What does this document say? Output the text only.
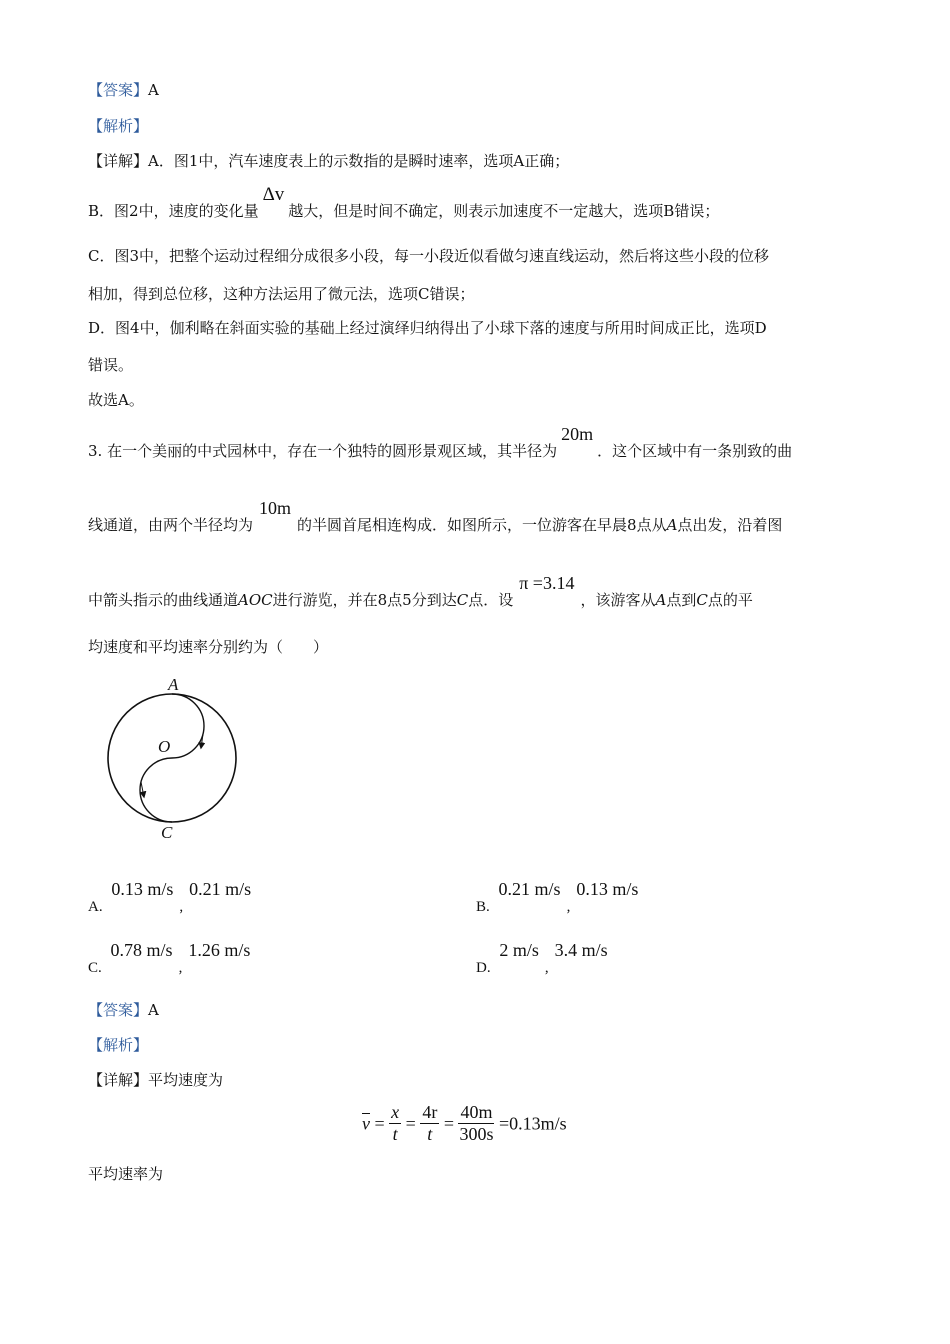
【答案】A
【解析】
【详解】A．图1中，汽车速度表上的示数指的是瞬时速率，选项A正确；
B．图2中，速度的变化量Δv越大，但是时间不确定，则表示加速度不一定越大，选项B错误；
C．图3中，把整个运动过程细分成很多小段，每一小段近似看做匀速直线运动，然后将这些小段的位移
相加，得到总位移，这种方法运用了微元法，选项C错误；
D．图4中，伽利略在斜面实验的基础上经过演绎归纳得出了小球下落的速度与所用时间成正比，选项D
错误。
故选A。
3. 在一个美丽的中式园林中，存在一个独特的圆形景观区域，其半径为20m．这个区域中有一条别致的曲
线通道，由两个半径均为10m的半圆首尾相连构成．如图所示，一位游客在早晨8点从A点出发，沿着图
中箭头指示的曲线通道AOC进行游览，并在8点5分到达C点．设π =3.14，该游客从A点到C点的平
均速度和平均速率分别约为（　　）
A
O
C
A. 0.13 m/s,0.21 m/s
B. 0.21 m/s,0.13 m/s
C. 0.78 m/s,1.26 m/s
D. 2 m/s,3.4 m/s
【答案】A
【解析】
【详解】平均速度为
$\overline{v} = \frac{x}{t} = \frac{4r}{t} = \frac{40m}{300s} =0.13m/s$
平均速率为
